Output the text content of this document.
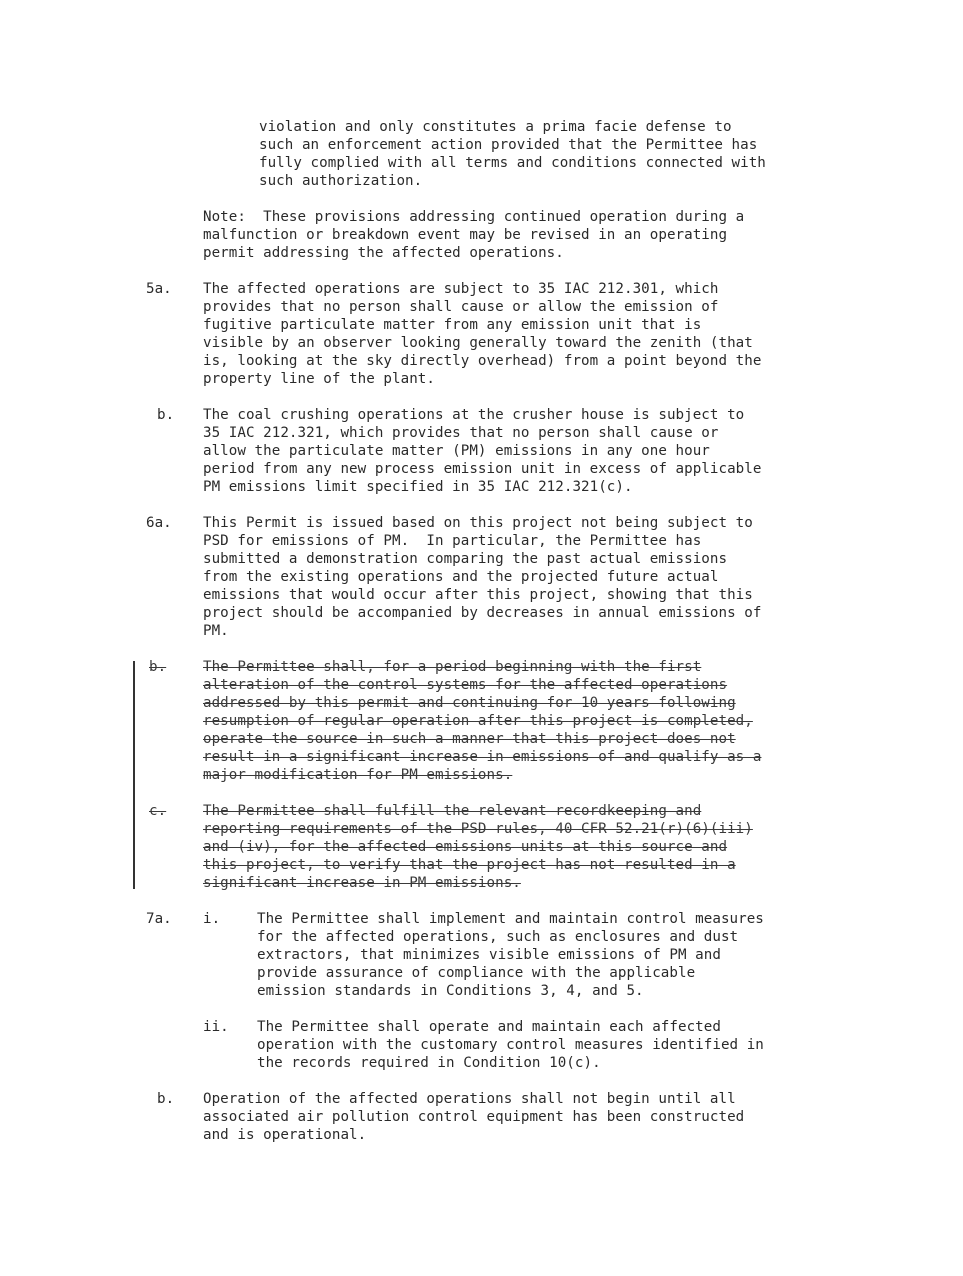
violation and only constitutes a prima facie defense to
such an enforcement action provided that the Permittee has
fully complied with all terms and conditions connected with
such authorization.
Note:  These provisions addressing continued operation during a
malfunction or breakdown event may be revised in an operating
permit addressing the affected operations.
5a. The affected operations are subject to 35 IAC 212.301, which
provides that no person shall cause or allow the emission of
fugitive particulate matter from any emission unit that is
visible by an observer looking generally toward the zenith (that
is, looking at the sky directly overhead) from a point beyond the
property line of the plant.
b. The coal crushing operations at the crusher house is subject to
35 IAC 212.321, which provides that no person shall cause or
allow the particulate matter (PM) emissions in any one hour
period from any new process emission unit in excess of applicable
PM emissions limit specified in 35 IAC 212.321(c).
6a. This Permit is issued based on this project not being subject to
PSD for emissions of PM.  In particular, the Permittee has
submitted a demonstration comparing the past actual emissions
from the existing operations and the projected future actual
emissions that would occur after this project, showing that this
project should be accompanied by decreases in annual emissions of
PM.
b.	The Permittee shall, for a period beginning with the first
alteration of the control systems for the affected operations
addressed by this permit and continuing for 10 years following
resumption of regular operation after this project is completed,
operate the source in such a manner that this project does not
result in a significant increase in emissions of and qualify as a
major modification for PM emissions.
c.	The Permittee shall fulfill the relevant recordkeeping and
reporting requirements of the PSD rules, 40 CFR 52.21(r)(6)(iii)
and (iv), for the affected emissions units at this source and
this project, to verify that the project has not resulted in a
significant increase in PM emissions.
7a. i.	The Permittee shall implement and maintain control measures
for the affected operations, such as enclosures and dust
extractors, that minimizes visible emissions of PM and
provide assurance of compliance with the applicable
emission standards in Conditions 3, 4, and 5.
ii. The Permittee shall operate and maintain each affected
operation with the customary control measures identified in
the records required in Condition 10(c).
b. Operation of the affected operations shall not begin until all
associated air pollution control equipment has been constructed
and is operational.
